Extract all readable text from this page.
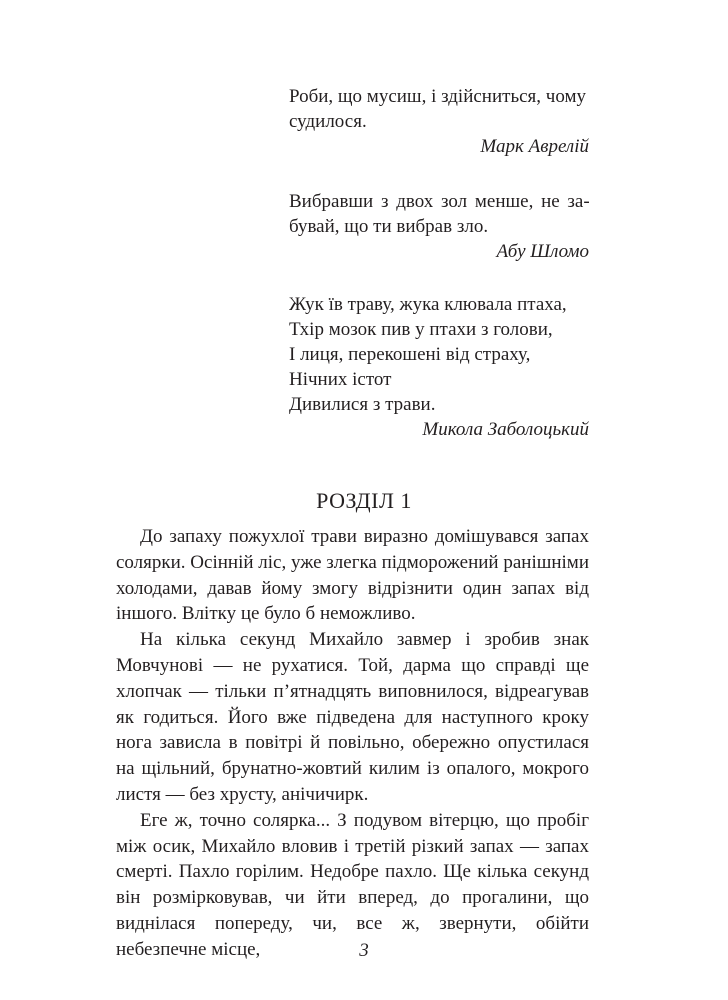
Роби, що мусиш, і здійсниться, чому
судилося.
Марк Аврелій
Вибравши з двох зол менше, не за-
бувай, що ти вибрав зло.
Абу Шломо
Жук їв траву, жука клювала птаха,
Тхір мозок пив у птахи з голови,
І лиця, перекошені від страху,
Нічних істот
Дивилися з трави.
Микола Заболоцький
РОЗДІЛ 1

До запаху пожухлої трави виразно домішувався запах солярки. Осінній ліс, уже злегка підморожений ранішніми холодами, давав йому змогу відрізнити один запах від іншого. Влітку це було б неможливо.

На кілька секунд Михайло завмер і зробив знак Мовчунові — не рухатися. Той, дарма що справді ще хлопчак — тільки п’ятнадцять виповнилося, відреагував як годиться. Його вже підведена для наступного кроку нога зависла в повітрі й повільно, обережно опустилася на щільний, брунатно-жовтий килим із опалого, мокрого листя — без хрусту, анічичирк.

Еге ж, точно солярка... З подувом вітерцю, що пробіг між осик, Михайло вловив і третій різкий запах — запах смерті. Пахло горілим. Недобре пахло. Ще кілька секунд він розмірковував, чи йти вперед, до прогалини, що виднілася попереду, чи, все ж, звернути, обійти небезпечне місце,	3
